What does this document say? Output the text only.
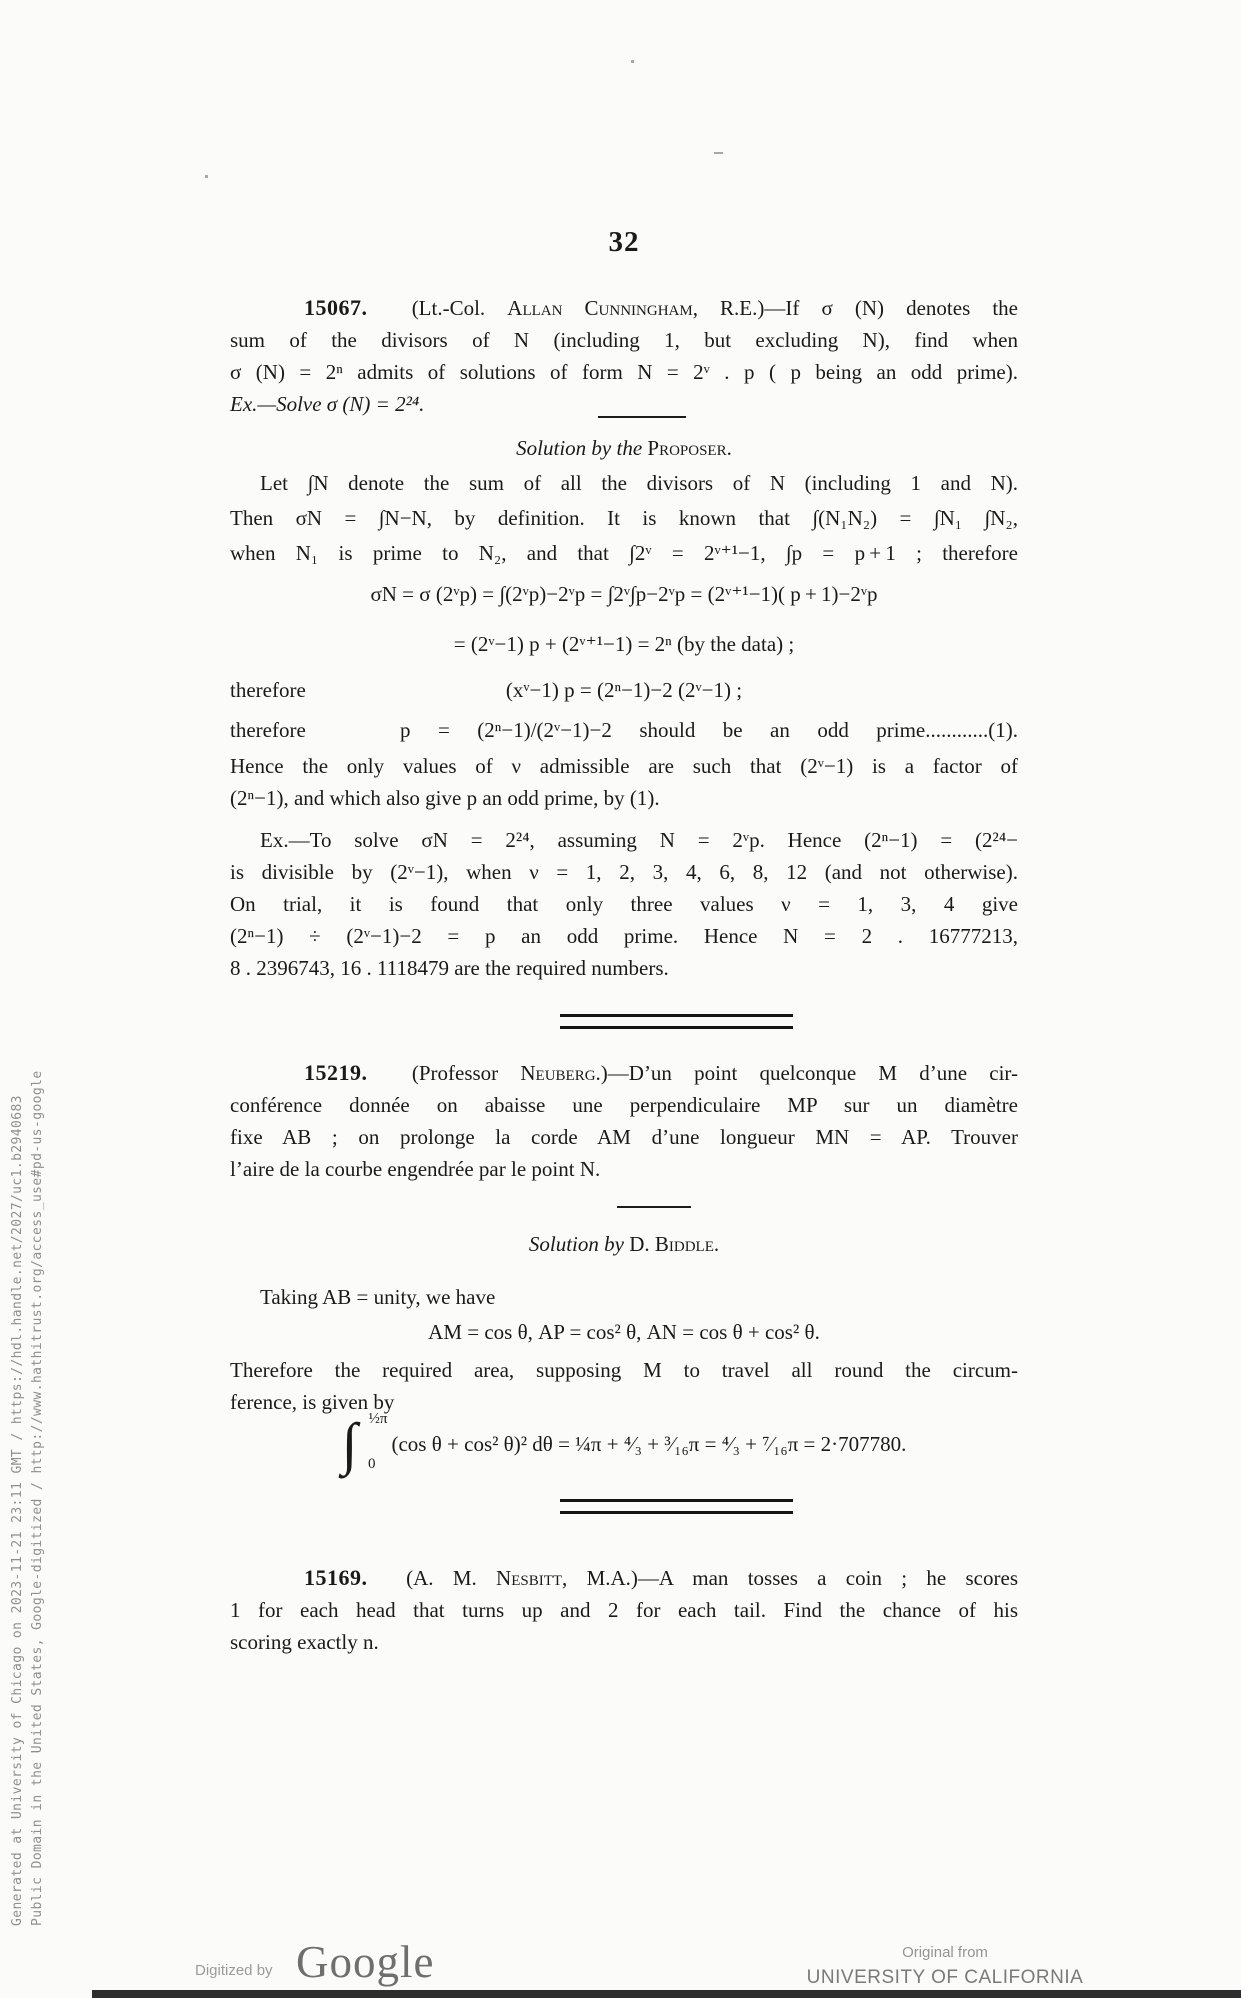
32
15067. (Lt.-Col. Allan Cunningham, R.E.)—If σ (N) denotes the
sum of the divisors of N (including 1, but excluding N), find when
σ (N) = 2ⁿ admits of solutions of form N = 2ᵛ . p ( p being an odd prime).
Ex.—Solve σ (N) = 2²⁴.
Solution by the Proposer.
Let ∫N denote the sum of all the divisors of N (including 1 and N).
Then σN = ∫N−N, by definition. It is known that ∫(N₁N₂) = ∫N₁ ∫N₂,
when N₁ is prime to N₂, and that ∫2ᵛ = 2ᵛ⁺¹−1, ∫p = p + 1 ; therefore
σN = σ (2ᵛp) = ∫(2ᵛp)−2ᵛp = ∫2ᵛ∫p−2ᵛp = (2ᵛ⁺¹−1)( p + 1)−2ᵛp
= (2ᵛ−1) p + (2ᵛ⁺¹−1) = 2ⁿ (by the data) ;
therefore	(xᵛ−1) p = (2ⁿ−1)−2 (2ᵛ−1) ;
therefore	p = (2ⁿ−1)/(2ᵛ−1)−2 should be an odd prime............(1).
Hence the only values of ν admissible are such that (2ᵛ−1) is a factor of
(2ⁿ−1), and which also give p an odd prime, by (1).
Ex.—To solve σN = 2²⁴, assuming N = 2ᵛp. Hence (2ⁿ−1) = (2²⁴−
is divisible by (2ᵛ−1), when ν = 1, 2, 3, 4, 6, 8, 12 (and not otherwise).
On trial, it is found that only three values ν = 1, 3, 4 give
(2ⁿ−1) ÷ (2ᵛ−1)−2 = p an odd prime. Hence N = 2 . 16777213,
8 . 2396743, 16 . 1118479 are the required numbers.
15219. (Professor Neuberg.)—D’un point quelconque M d’une cir-
conférence donnée on abaisse une perpendiculaire MP sur un diamètre
fixe AB ; on prolonge la corde AM d’une longueur MN = AP. Trouver
l’aire de la courbe engendrée par le point N.
Solution by D. Biddle.
Taking AB = unity, we have
AM = cos θ, AP = cos² θ, AN = cos θ + cos² θ.
Therefore the required area, supposing M to travel all round the circum-
ference, is given by
½π
∫ 0
(cos θ + cos² θ)² dθ = ¼π + ⁴⁄₃ + ³⁄₁₆π = ⁴⁄₃ + ⁷⁄₁₆π = 2·707780.
15169. (A. M. Nesbitt, M.A.)—A man tosses a coin ; he scores
1 for each head that turns up and 2 for each tail. Find the chance of his
scoring exactly n.
Generated at University of Chicago on 2023-11-21 23:11 GMT / https://hdl.handle.net/2027/uc1.b2940683 Public Domain in the United States, Google-digitized / http://www.hathitrust.org/access_use#pd-us-google
Digitized by Google	Original from
UNIVERSITY OF CALIFORNIA
